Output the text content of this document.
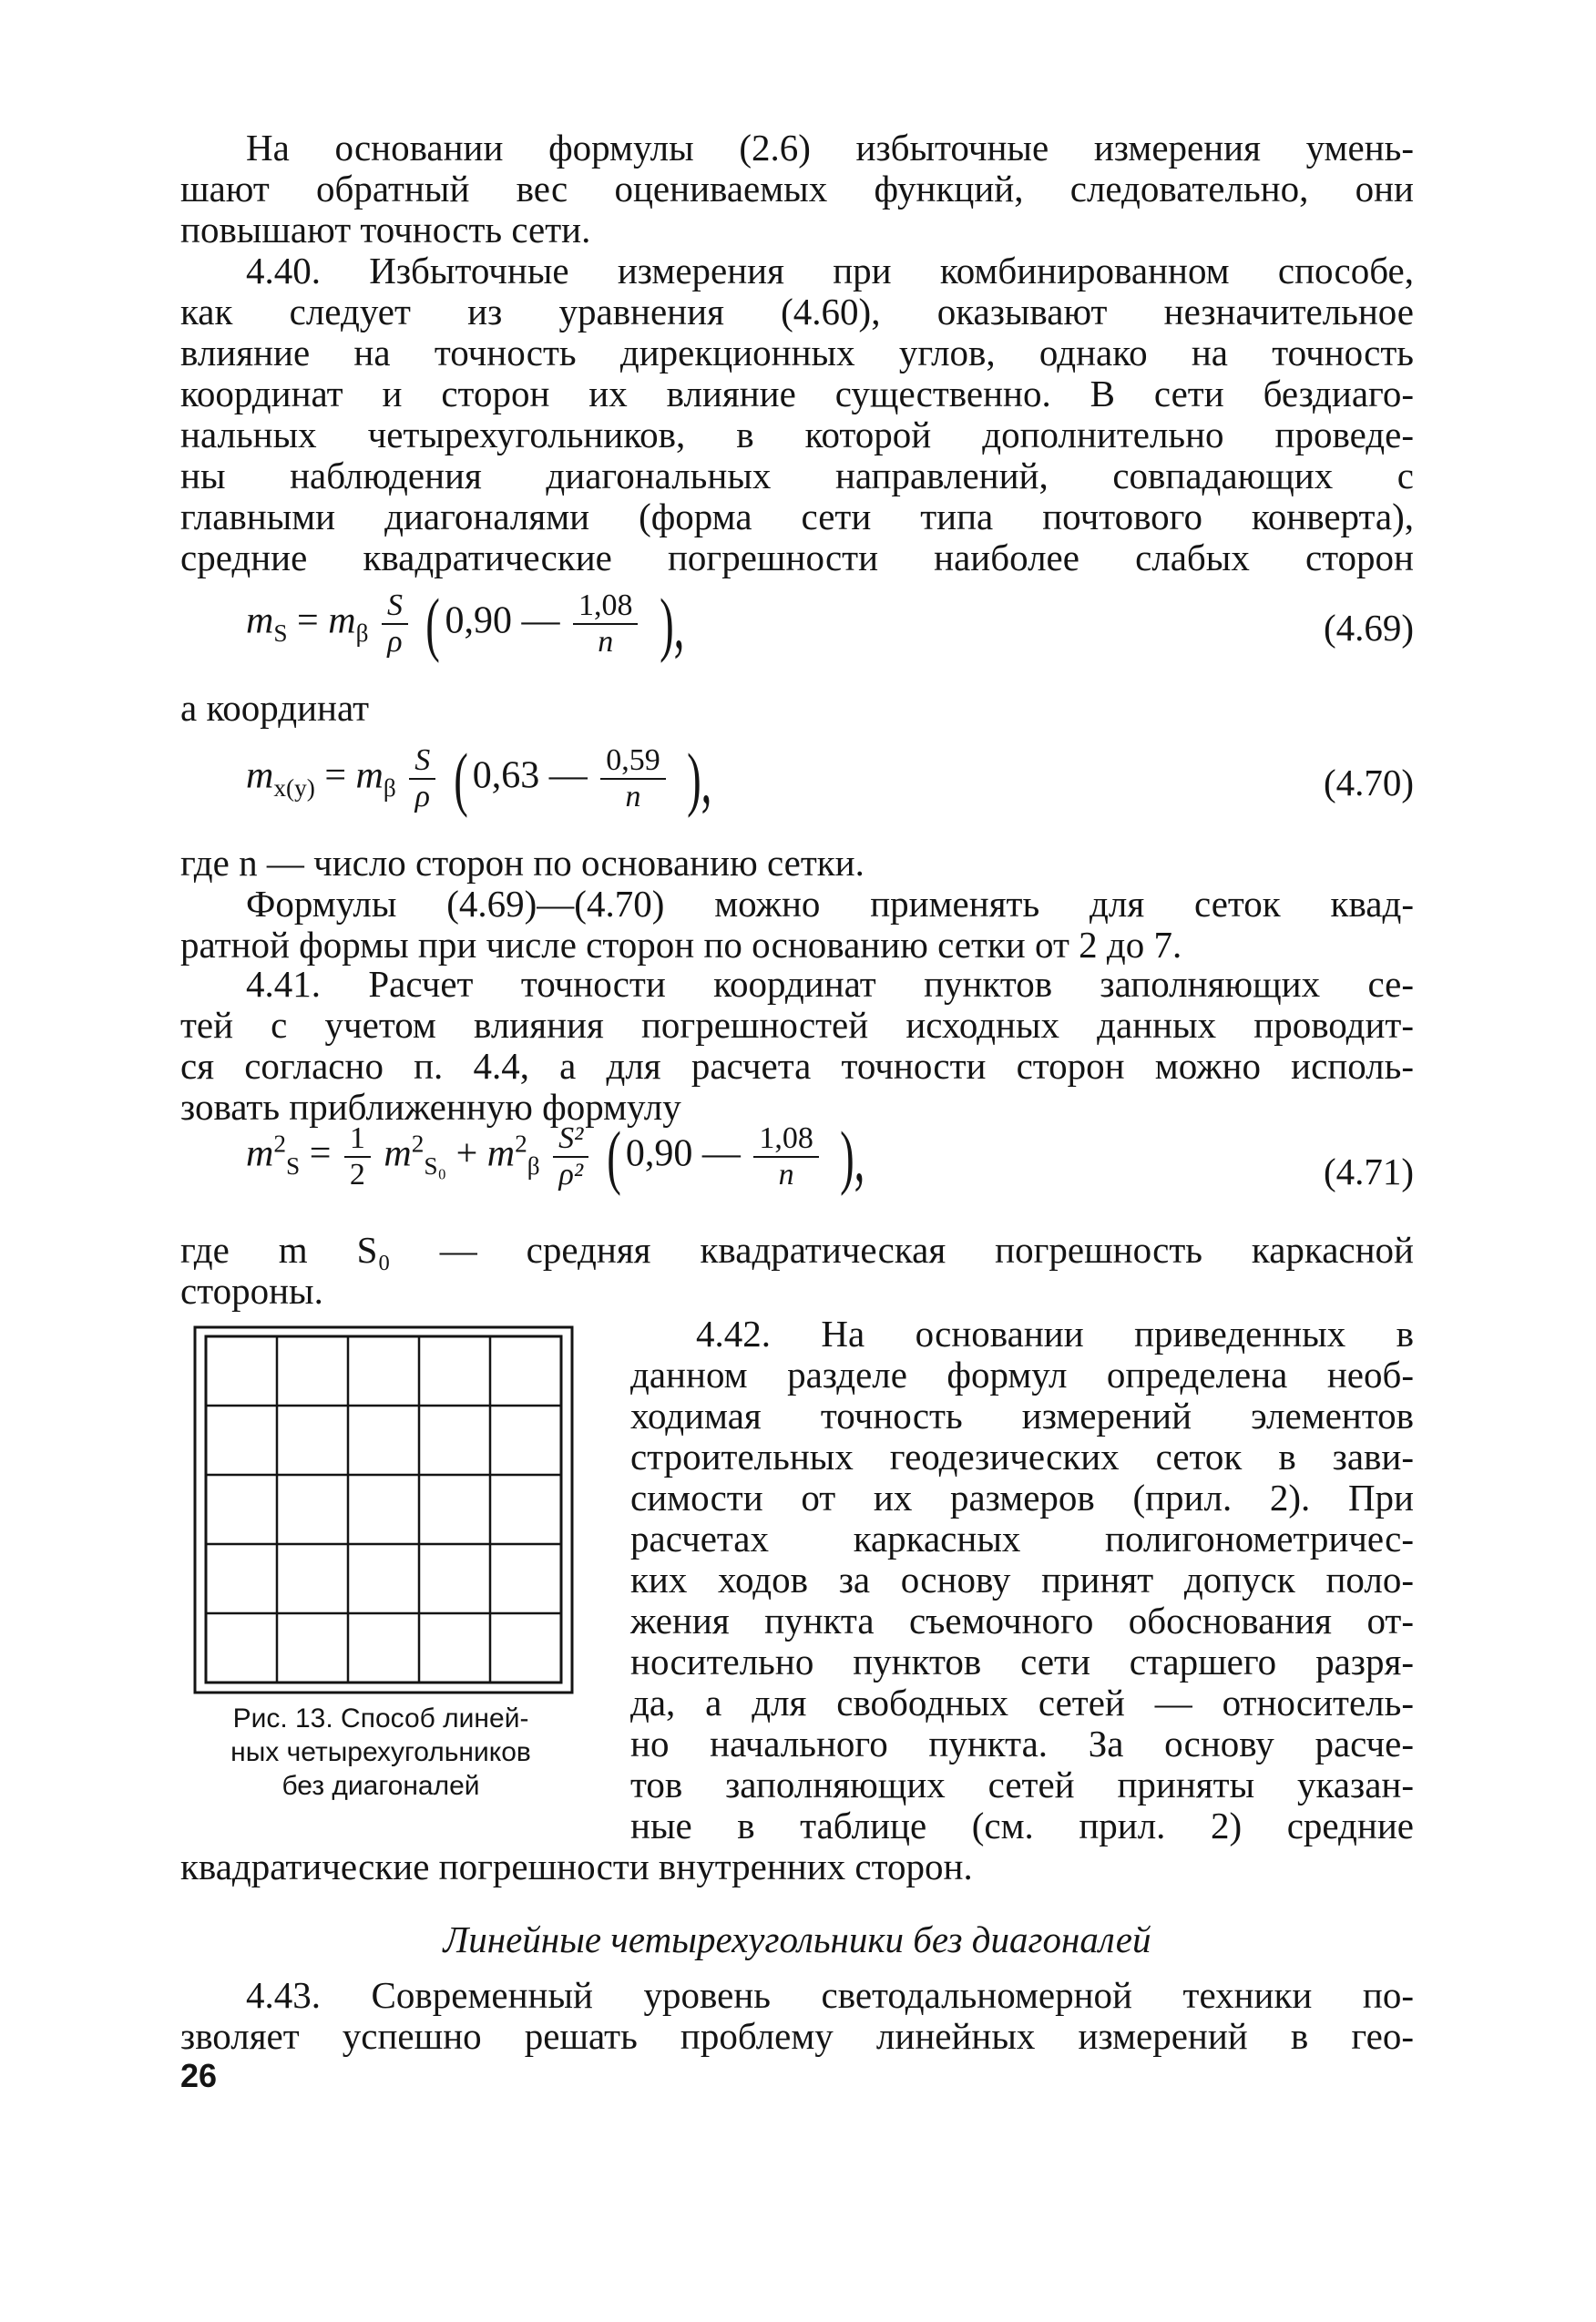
На основании формулы (2.6) избыточные измерения умень-
шают обратный вес оцениваемых функций, следовательно, они
повышают точность сети.

4.40. Избыточные измерения при комбинированном способе,
как следует из уравнения (4.60), оказывают незначительное
влияние на точность дирекционных углов, однако на точность
координат и сторон их влияние существенно. В сети бездиаго-
нальных четырехугольников, в которой дополнительно проведе-
ны наблюдения диагональных направлений, совпадающих с
главными диагоналями (форма сети типа почтового конверта),
средние квадратические погрешности наиболее слабых сторон

$m_S = m_\beta \frac{S}{\rho}$ ( 0,90 — $\frac{1,08}{n}$ ),	(4.69)

а координат

$m_{x(y)} = m_\beta \frac{S}{\rho}$ ( 0,63 — $\frac{0,59}{n}$ ),	(4.70)

где n — число сторон по основанию сетки.

Формулы (4.69)—(4.70) можно применять для сеток квад-
ратной формы при числе сторон по основанию сетки от 2 до 7.

4.41. Расчет точности координат пунктов заполняющих се-
тей с учетом влияния погрешностей исходных данных проводит-
ся согласно п. 4.4, а для расчета точности сторон можно исполь-
зовать приближенную формулу

$m^2_S = \frac{1}{2} m^2_{S_0} + m^2_\beta \frac{\text{S²}}{\text{ρ²}}$ ( 0,90 — $\frac{1,08}{n}$ ),	(4.71)

где m S₀ — средняя квадратическая погрешность каркасной
стороны.

Рис. 13. Способ линей-
ных четырехугольников
без диагоналей

4.42. На основании приведенных в
данном разделе формул определена необ-
ходимая точность измерений элементов
строительных геодезических сеток в зави-
симости от их размеров (прил. 2). При
расчетах каркасных полигонометричес-
ких ходов за основу принят допуск поло-
жения пункта съемочного обоснования от-
носительно пунктов сети старшего разря-
да, а для свободных сетей — относитель-
но начального пункта. За основу расче-
тов заполняющих сетей приняты указан-
ные в таблице (см. прил. 2) средние

квадратические погрешности внутренних сторон.

Линейные четырехугольники без диагоналей

4.43. Современный уровень светодальномерной техники по-
зволяет успешно решать проблему линейных измерений в гео-

26
